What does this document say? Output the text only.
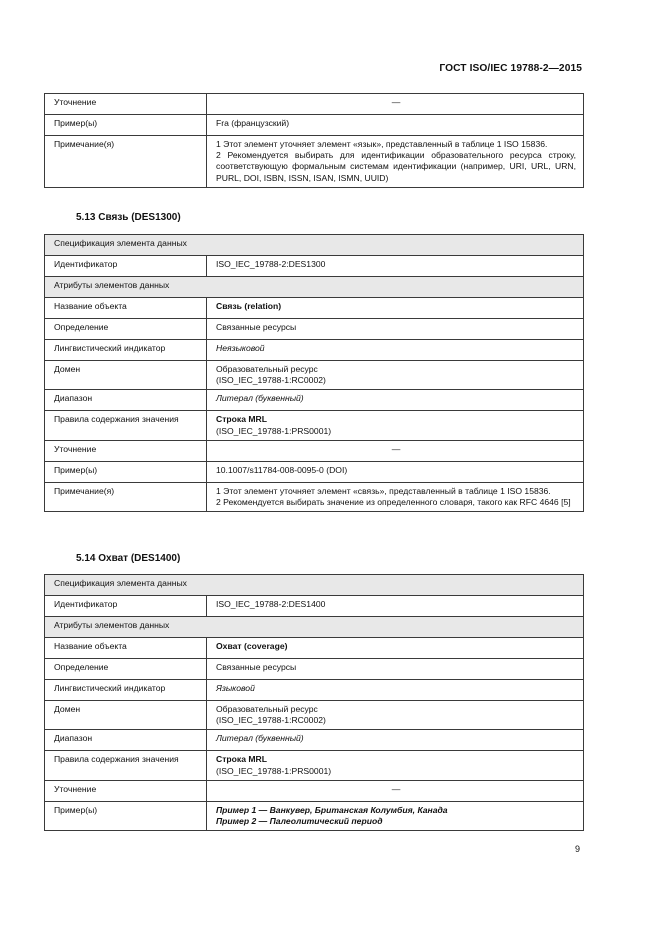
ГОСТ ISO/IEC 19788-2—2015
Уточнение	—
Пример(ы)	Fra (французский)
Примечание(я)	1 Этот элемент уточняет элемент «язык», представленный в таблице 1 ISO 15836.
2 Рекомендуется выбирать для идентификации образовательного ресурса строку, соответствующую формальным системам идентификации (например, URI, URL, URN, PURL, DOI, ISBN, ISSN, ISAN, ISMN, UUID)
5.13 Связь (DES1300)
Спецификация элемента данных	
Идентификатор	ISO_IEC_19788-2:DES1300
Атрибуты элементов данных	
Название объекта	Связь (relation)
Определение	Связанные ресурсы
Лингвистический индикатор	Неязыковой
Домен	Образовательный ресурс
(ISO_IEC_19788-1:RC0002)

Диапазон	Литерал (буквенный)
Правила содержания значения	Строка MRL
(ISO_IEC_19788-1:PRS0001)

Уточнение	—
Пример(ы)	10.1007/s11784-008-0095-0 (DOI)
Примечание(я)	1 Этот элемент уточняет элемент «связь», представленный в таблице 1 ISO 15836.
2 Рекомендуется выбирать значение из определенного словаря, такого как RFC 4646 [5]
5.14 Охват (DES1400)
Спецификация элемента данных	
Идентификатор	ISO_IEC_19788-2:DES1400
Атрибуты элементов данных	
Название объекта	Охват (coverage)
Определение	Связанные ресурсы
Лингвистический индикатор	Языковой
Домен	Образовательный ресурс
(ISO_IEC_19788-1:RC0002)

Диапазон	Литерал (буквенный)
Правила содержания значения	Строка MRL
(ISO_IEC_19788-1:PRS0001)

Уточнение	—
Пример(ы)	Пример 1 — Ванкувер, Британская Колумбия, Канада
Пример 2 — Палеолитический период
9
